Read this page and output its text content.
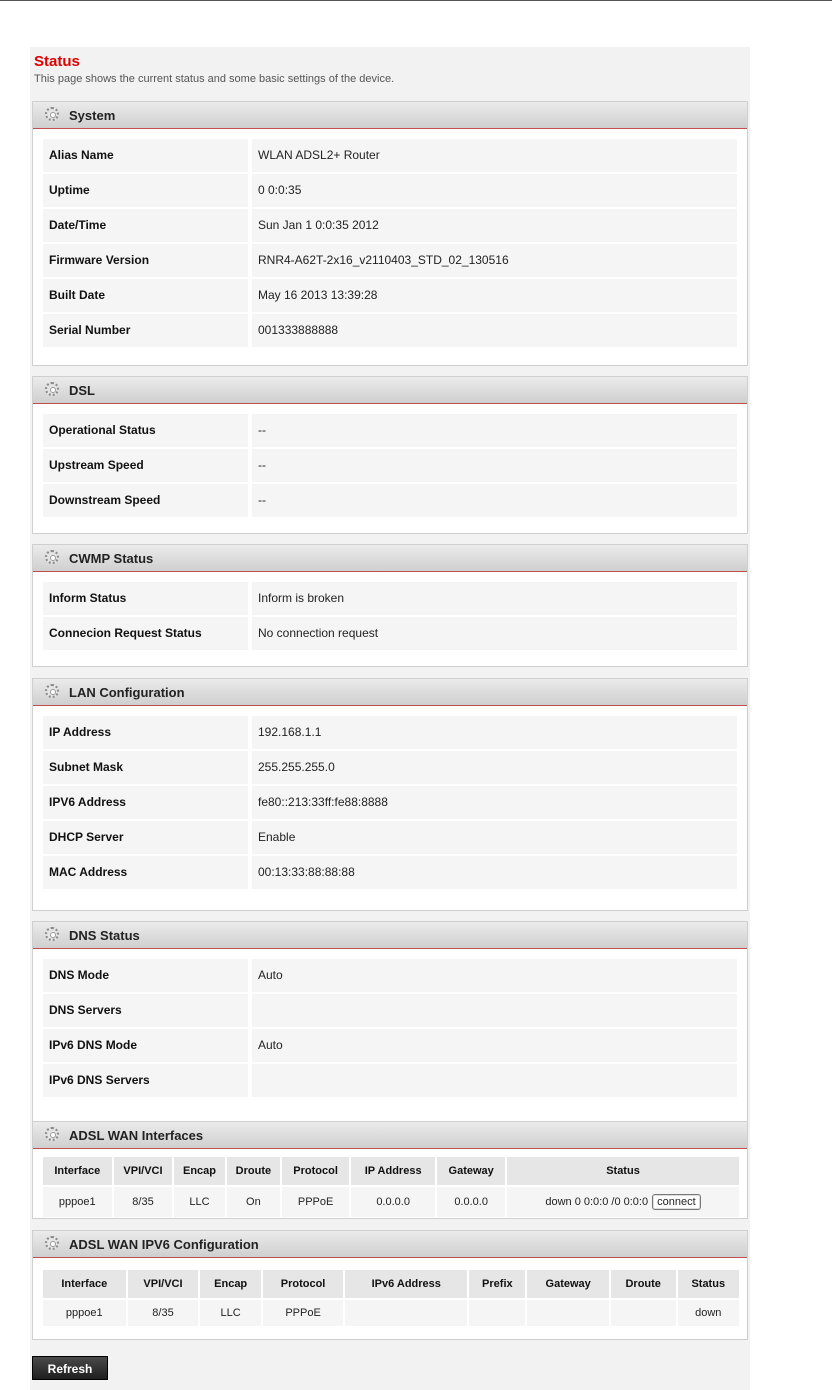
Status
This page shows the current status and some basic settings of the device.
System
Alias Name	WLAN ADSL2+ Router
Uptime	0 0:0:35
Date/Time	Sun Jan 1 0:0:35 2012
Firmware Version	RNR4-A62T-2x16_v2110403_STD_02_130516
Built Date	May 16 2013 13:39:28
Serial Number	001333888888
DSL
Operational Status	--
Upstream Speed	--
Downstream Speed	--
CWMP Status
Inform Status	Inform is broken
Connecion Request Status	No connection request
LAN Configuration
IP Address	192.168.1.1
Subnet Mask	255.255.255.0
IPV6 Address	fe80::213:33ff:fe88:8888
DHCP Server	Enable
MAC Address	00:13:33:88:88:88
DNS Status
DNS Mode	Auto
DNS Servers
IPv6 DNS Mode	Auto
IPv6 DNS Servers
ADSL WAN Interfaces
Interface	VPI/VCI	Encap	Droute	Protocol	IP Address	Gateway	Status
pppoe1	8/35	LLC	On	PPPoE	0.0.0.0	0.0.0.0	down 0 0:0:0 /0 0:0:0 connect
ADSL WAN IPV6 Configuration
Interface	VPI/VCI	Encap	Protocol	IPv6 Address	Prefix	Gateway	Droute	Status
pppoe1	8/35	LLC	PPPoE					down
Refresh
